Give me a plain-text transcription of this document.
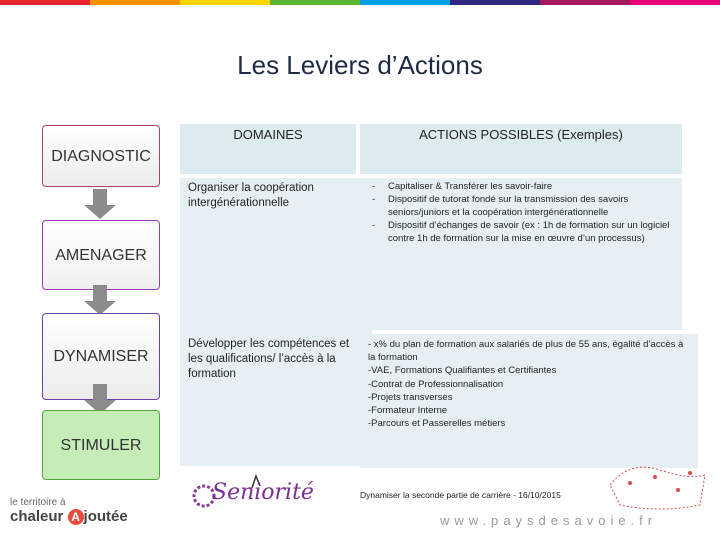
Les Leviers d’Actions
DIAGNOSTIC
AMENAGER
DYNAMISER
STIMULER
DOMAINES	ACTIONS POSSIBLES (Exemples)
Organiser la coopération intergénérationnelle
- Capitaliser & Transférer les savoir-faire
- Dispositif de tutorat fondé sur la transmission des savoirs seniors/juniors et la coopération intergénérationnelle
- Dispositif d’échanges de savoir (ex : 1h de formation sur un logiciel contre 1h de formation sur la mise en œuvre d’un processus)
Développer les compétences et les qualifications/ l’accès à la formation
- x% du plan de formation aux salariés de plus de 55 ans, égalité d’accès à la formation
-VAE, Formations Qualifiantes et Certifiantes
-Contrat de Professionnalisation
-Projets transverses
-Formateur Interne
-Parcours et Passerelles métiers
le territoire à
chaleur A joutée
Seniorité	Dynamiser la seconde partie de carrière - 16/10/2015
www.paysdesavoie.fr
